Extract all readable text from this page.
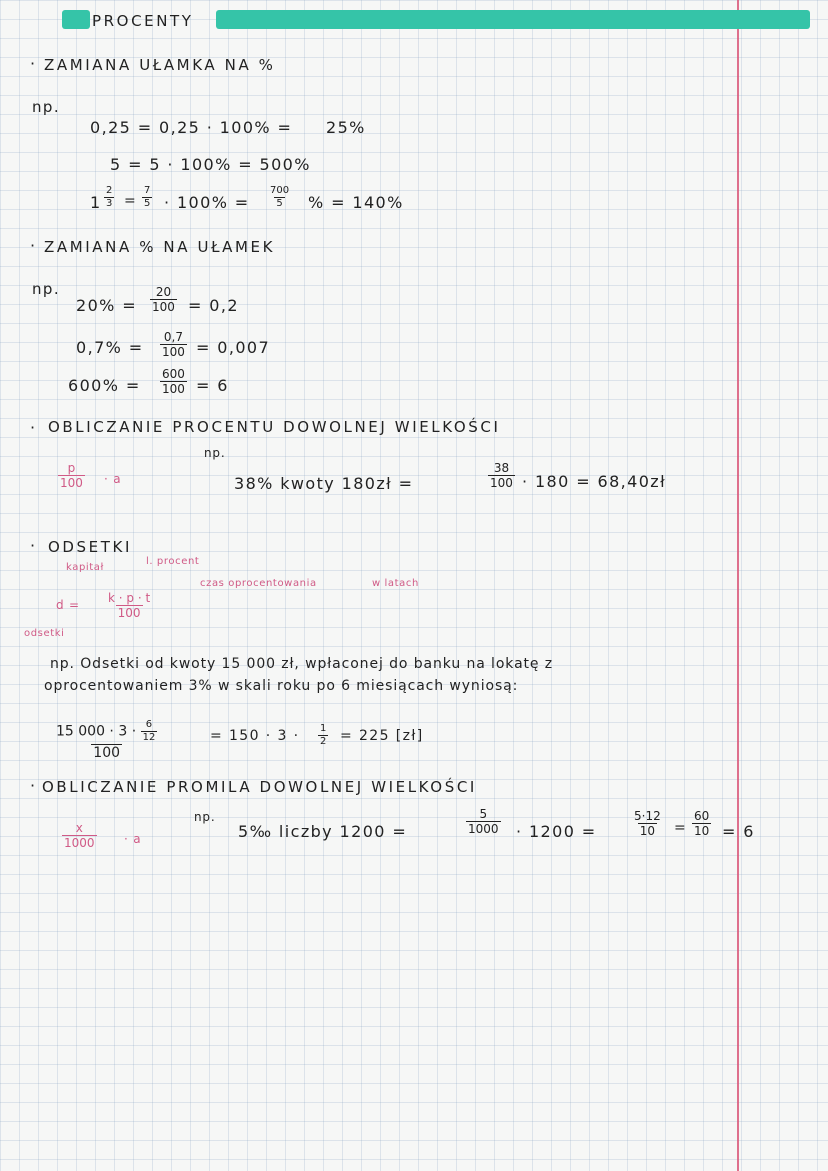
PROCENTY
· ZAMIANA UŁAMKA NA %
np.
0,25 = 0,25 · 100% = 25%
5 = 5 · 100% = 500%
$1 \frac{2}{3} = \frac{7}{5} \cdot 100\% = \frac{700}{5}$ % = 140%
· ZAMIANA % NA UŁAMEK
np.
$20\% = \frac{20}{100} = 0,2$
$0,7\% = \frac{0,7}{100} = 0,007$
$600\% = \frac{600}{100} = 6$
· OBLICZANIE PROCENTU DOWOLNEJ WIELKOŚCI
np.
$\frac{p}{100} \cdot a$	38% kwoty 180zł =	$\frac{38}{100} \cdot 180$ = 68,40zł
· ODSETKI
kapitał
l. procent
czas oprocentowania	w latach
$d = \frac{k \cdot p \cdot t}{100}$
odsetki
np. Odsetki od kwoty 15 000 zł, wpłaconej do banku na lokatę z
oprocentowaniem 3% w skali roku po 6 miesiącach wyniosą:
$\frac{15 000 \cdot 3 \cdot \frac{6}{12}}{100}$	= $150 \cdot 3 \cdot \frac{1}{2} = 225$ [zł]
· OBLICZANIE PROMILA DOWOLNEJ WIELKOŚCI
np.
$\frac{x}{1000} \cdot a$	5‰ liczby 1200 =	$\frac{5}{1000} \cdot 1200$ =	$\frac{5\cdot 12}{10} = \frac{60}{10} = 6$
